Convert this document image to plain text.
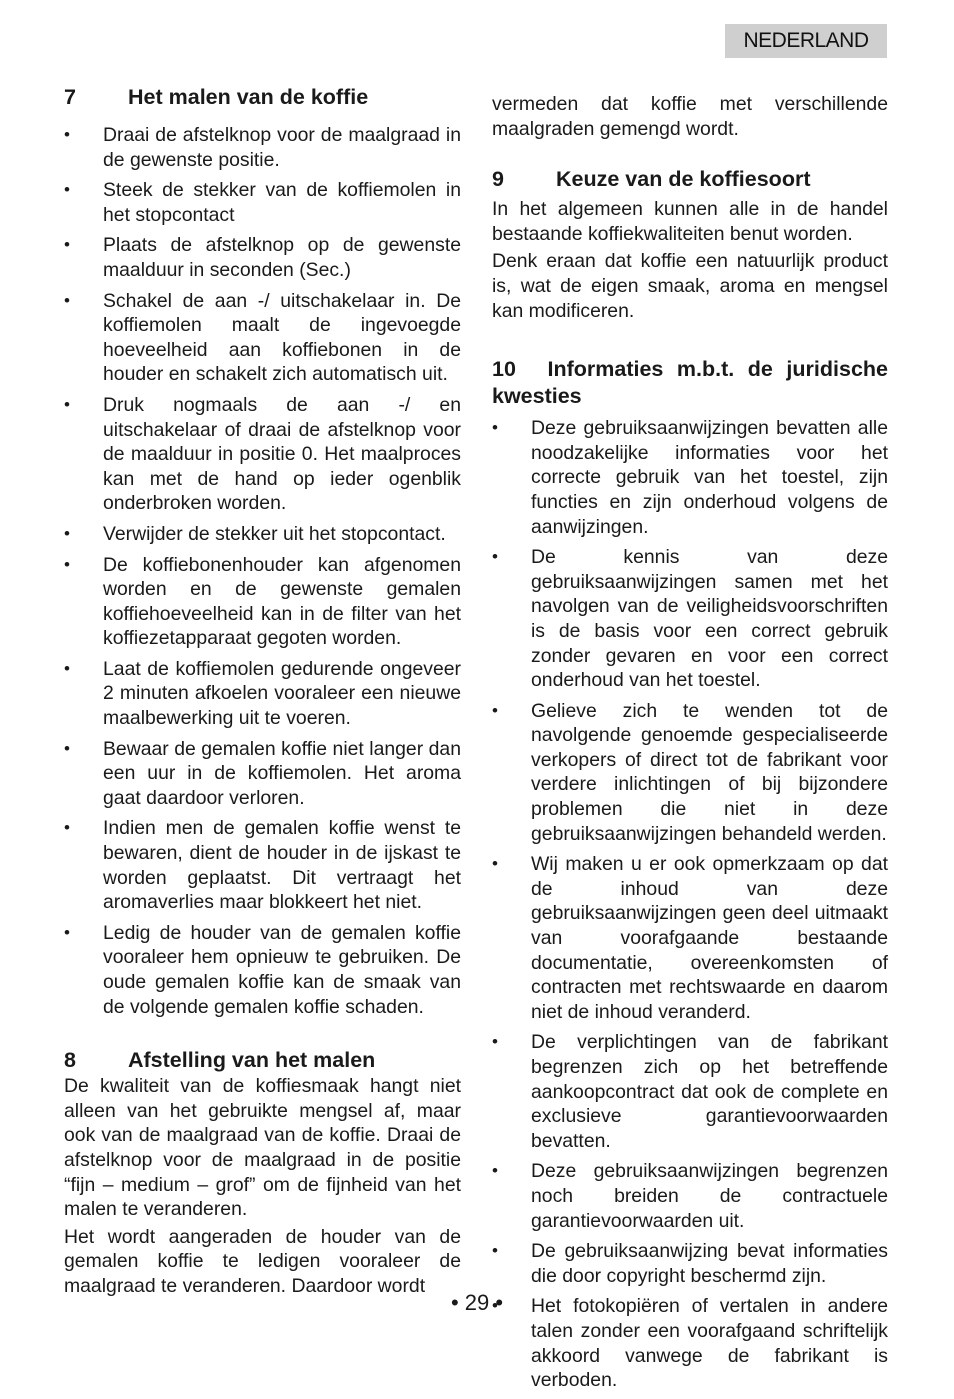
NEDERLAND
7	Het malen van de koffie
• Draai de afstelknop voor de maalgraad in de gewenste positie.
• Steek de stekker van de koffiemolen in het stopcontact
• Plaats de afstelknop op de gewenste maalduur in seconden (Sec.)
• Schakel de aan -/ uitschakelaar in. De koffiemolen maalt de ingevoegde hoeveelheid aan koffiebonen in de houder en schakelt zich automatisch uit.
• Druk nogmaals de aan -/ en uitschakelaar of draai de afstelknop voor de maalduur in positie 0. Het maalproces kan met de hand op ieder ogenblik onderbroken worden.
• Verwijder de stekker uit het stopcontact.
• De koffiebonenhouder kan afgenomen worden en de gewenste gemalen koffiehoeveelheid kan in de filter van het koffiezetapparaat gegoten worden.
• Laat de koffiemolen gedurende ongeveer 2 minuten afkoelen vooraleer een nieuwe maalbewerking uit te voeren.
• Bewaar de gemalen koffie niet langer dan een uur in de koffiemolen. Het aroma gaat daardoor verloren.
• Indien men de gemalen koffie wenst te bewaren, dient de houder in de ijskast te worden geplaatst. Dit vertraagt het aromaverlies maar blokkeert het niet.
• Ledig de houder van de gemalen koffie vooraleer hem opnieuw te gebruiken. De oude gemalen koffie kan de smaak van de volgende gemalen koffie schaden.
8	Afstelling van het malen

De kwaliteit van de koffiesmaak hangt niet alleen van het gebruikte mengsel af, maar ook van de maalgraad van de koffie. Draai de afstelknop voor de maalgraad in de positie “fijn – medium – grof” om de fijnheid van het malen te veranderen.

Het wordt aangeraden de houder van de gemalen koffie te ledigen vooraleer de maalgraad te veranderen. Daardoor wordt

vermeden dat koffie met verschillende maalgraden gemengd wordt.

9	Keuze van de koffiesoort

In het algemeen kunnen alle in de handel bestaande koffiekwaliteiten benut worden.

Denk eraan dat koffie een natuurlijk product is, wat de eigen smaak, aroma en mengsel kan modificeren.

10 Informaties m.b.t. de juridische kwesties
• Deze gebruiksaanwijzingen bevatten alle noodzakelijke informaties voor het correcte gebruik van het toestel, zijn functies en zijn onderhoud volgens de aanwijzingen.
• De kennis van deze gebruiksaanwijzingen samen met het navolgen van de veiligheidsvoorschriften is de basis voor een correct gebruik zonder gevaren en voor een correct onderhoud van het toestel.
• Gelieve zich te wenden tot de navolgende genoemde gespecialiseerde verkopers of direct tot de fabrikant voor verdere inlichtingen of bij bijzondere problemen die niet in deze gebruiksaanwijzingen behandeld werden.
• Wij maken u er ook opmerkzaam op dat de inhoud van deze gebruiksaanwijzingen geen deel uitmaakt van voorafgaande bestaande documentatie, overeenkomsten of contracten met rechtswaarde en daarom niet de inhoud veranderd.
• De verplichtingen van de fabrikant begrenzen zich op het betreffende aankoopcontract dat ook de complete en exclusieve garantievoorwaarden bevatten.
• Deze gebruiksaanwijzingen begrenzen noch breiden de contractuele garantievoorwaarden uit.
• De gebruiksaanwijzing bevat informaties die door copyright beschermd zijn.
• Het fotokopiëren of vertalen in andere talen zonder een voorafgaand schriftelijk akkoord vanwege de fabrikant is verboden.
• 29 •
